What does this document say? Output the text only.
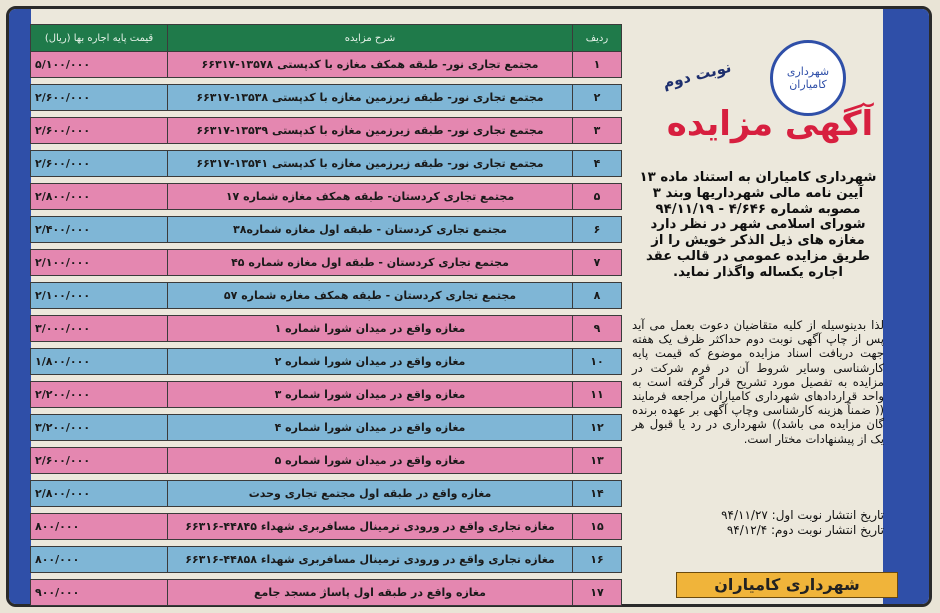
ردیف	شرح مزایده	قیمت پایه اجاره بها (ریال)
۱	مجتمع تجاری نور- طبقه همکف مغازه با کدپستی ۱۳۵۷۸-۶۶۳۱۷	۵/۱۰۰/۰۰۰

۲	مجتمع تجاری نور- طبقه زیرزمین مغازه با کدپستی ۱۳۵۳۸-۶۶۳۱۷	۲/۶۰۰/۰۰۰

۳	مجتمع تجاری نور- طبقه زیرزمین مغازه با کدپستی ۱۳۵۳۹-۶۶۳۱۷	۲/۶۰۰/۰۰۰

۴	مجتمع تجاری نور- طبقه زیرزمین مغازه با کدپستی ۱۳۵۴۱-۶۶۳۱۷	۲/۶۰۰/۰۰۰

۵	مجتمع تجاری کردستان- طبقه همکف مغازه شماره ۱۷	۲/۸۰۰/۰۰۰

۶	مجتمع تجاری کردستان - طبقه اول مغازه شماره۳۸	۲/۴۰۰/۰۰۰

۷	مجتمع تجاری کردستان - طبقه اول مغازه شماره ۴۵	۲/۱۰۰/۰۰۰

۸	مجتمع تجاری کردستان - طبقه همکف مغازه شماره ۵۷	۲/۱۰۰/۰۰۰

۹	مغازه واقع در میدان شورا شماره ۱	۳/۰۰۰/۰۰۰

۱۰	مغازه واقع در میدان شورا شماره ۲	۱/۸۰۰/۰۰۰

۱۱	مغازه واقع در میدان شورا شماره ۳	۲/۲۰۰/۰۰۰

۱۲	مغازه واقع در میدان شورا شماره ۴	۳/۲۰۰/۰۰۰

۱۳	مغازه واقع در میدان شورا شماره ۵	۲/۶۰۰/۰۰۰

۱۴	مغازه واقع در طبقه اول مجتمع تجاری وحدت	۲/۸۰۰/۰۰۰

۱۵	مغازه تجاری واقع در ورودی ترمینال مسافربری شهداء ۴۴۸۴۵-۶۶۳۱۶	۸۰۰/۰۰۰

۱۶	مغازه تجاری واقع در ورودی ترمینال مسافربری شهداء ۴۴۸۵۸-۶۶۳۱۶	۸۰۰/۰۰۰

۱۷	مغازه واقع در طبقه اول پاساژ مسجد جامع	۹۰۰/۰۰۰
شهرداری کامیاران
نوبت دوم
آگهی مزایده
شهرداری کامیاران به استناد ماده ۱۳ آیین نامه مالی شهرداریها وبند ۳ مصوبه شماره ۴/۶۴۶ - ۹۴/۱۱/۱۹ شورای اسلامی شهر در نظر دارد مغازه های ذیل الذکر خویش را از طریق مزایده عمومی در قالب عقد اجاره یکساله واگذار نماید.
لذا بدینوسیله از کلیه متقاضیان دعوت بعمل می آید پس از چاپ آگهی نوبت دوم حداکثر ظرف یک هفته جهت دریافت اسناد مزایده موضوع که قیمت پایه کارشناسی وسایر شروط آن در فرم شرکت در مزایده به تفصیل مورد تشریح قرار گرفته است به واحد قراردادهای شهرداری کامیاران مراجعه فرمایند (( ضمناً هزینه کارشناسی وچاپ آگهی بر عهده برنده گان مزایده می باشد)) شهرداری در رد یا قبول هر یک از پیشنهادات مختار است.
تاریخ انتشار نوبت اول: ۹۴/۱۱/۲۷
تاریخ انتشار نوبت دوم: ۹۴/۱۲/۴
شهرداری کامیاران
